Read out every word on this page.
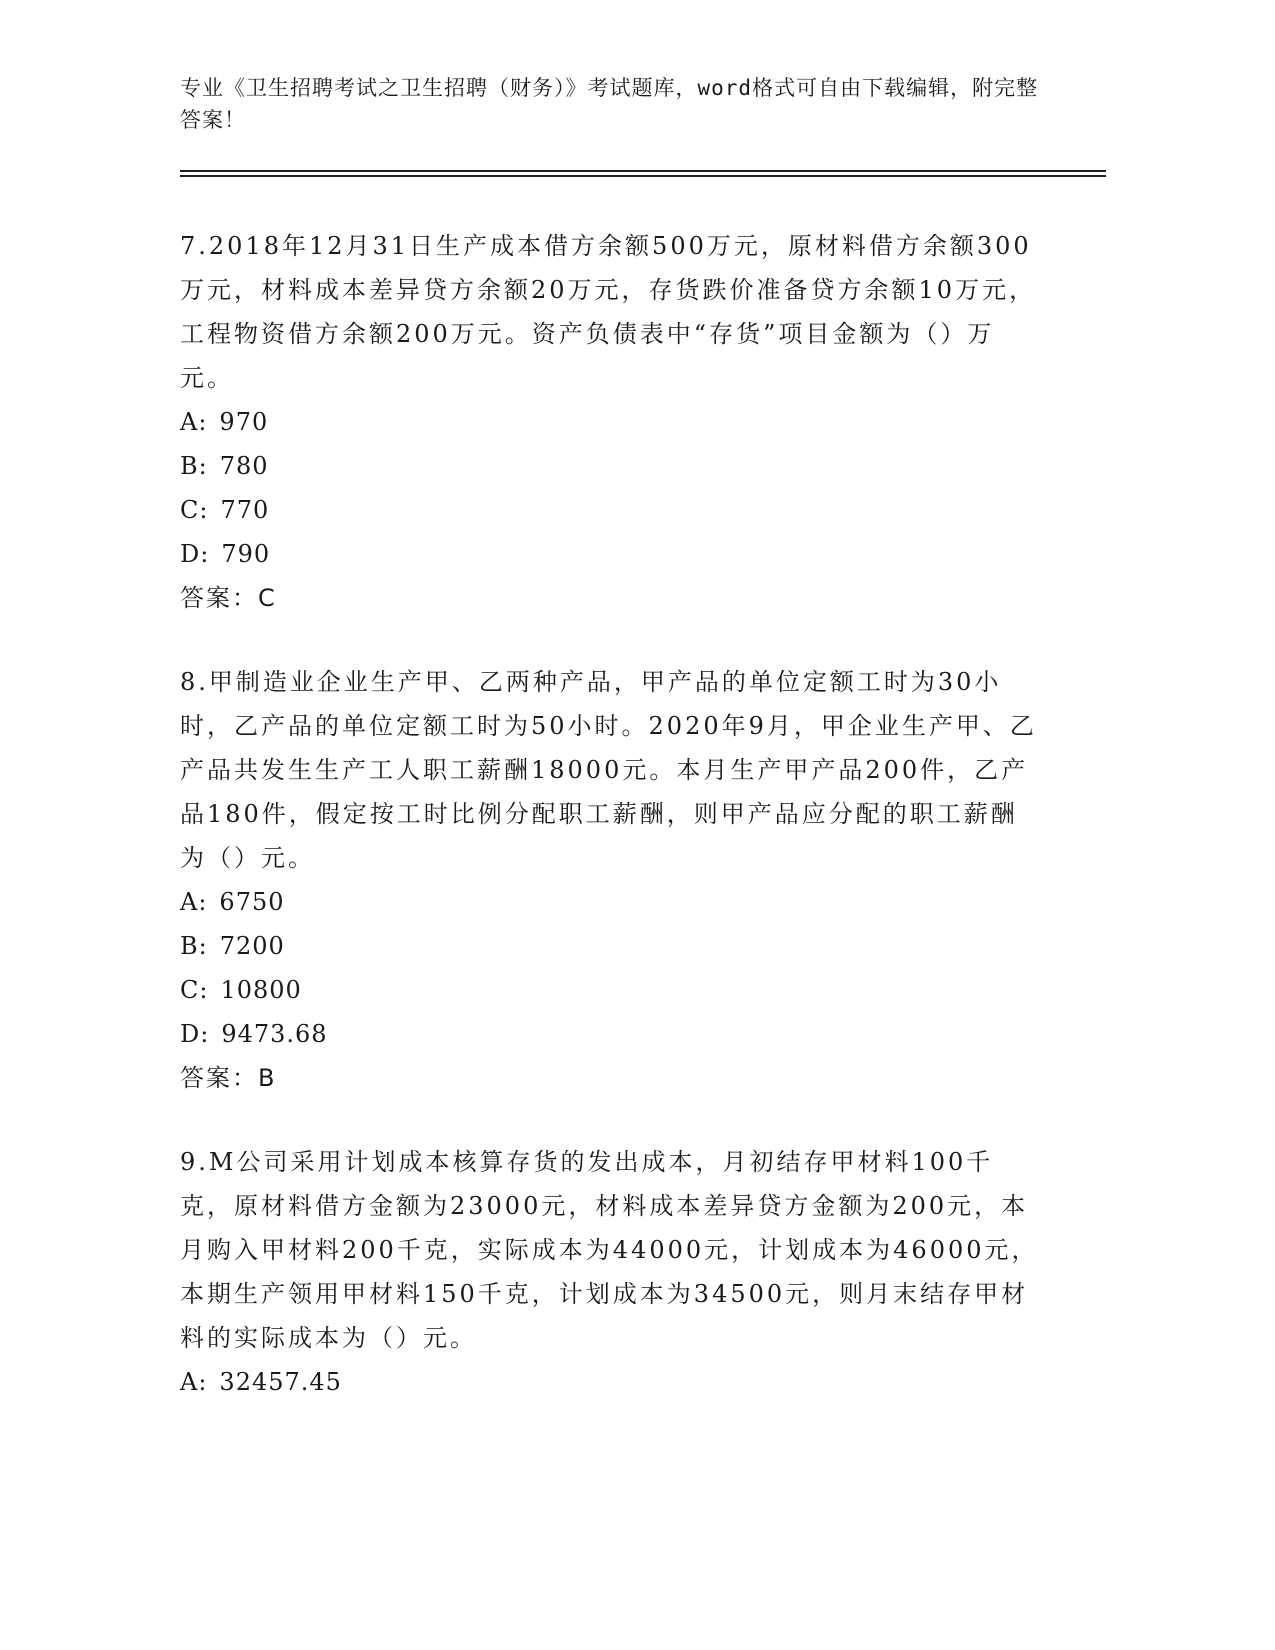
专业《卫生招聘考试之卫生招聘（财务）》考试题库，word格式可自由下载编辑，附完整答案！

7.2018年12月31日生产成本借方余额500万元，原材料借方余额300万元，材料成本差异贷方余额20万元，存货跌价准备贷方余额10万元，工程物资借方余额200万元。资产负债表中“存货”项目金额为（）万元。

A: 970

B: 780

C: 770

D: 790

答案：C

8.甲制造业企业生产甲、乙两种产品，甲产品的单位定额工时为30小时，乙产品的单位定额工时为50小时。2020年9月，甲企业生产甲、乙产品共发生生产工人职工薪酬18000元。本月生产甲产品200件，乙产品180件，假定按工时比例分配职工薪酬，则甲产品应分配的职工薪酬为（）元。

A: 6750

B: 7200

C: 10800

D: 9473.68

答案：B

9.M公司采用计划成本核算存货的发出成本，月初结存甲材料100千克，原材料借方金额为23000元，材料成本差异贷方金额为200元，本月购入甲材料200千克，实际成本为44000元，计划成本为46000元，本期生产领用甲材料150千克，计划成本为34500元，则月末结存甲材料的实际成本为（）元。

A: 32457.45
